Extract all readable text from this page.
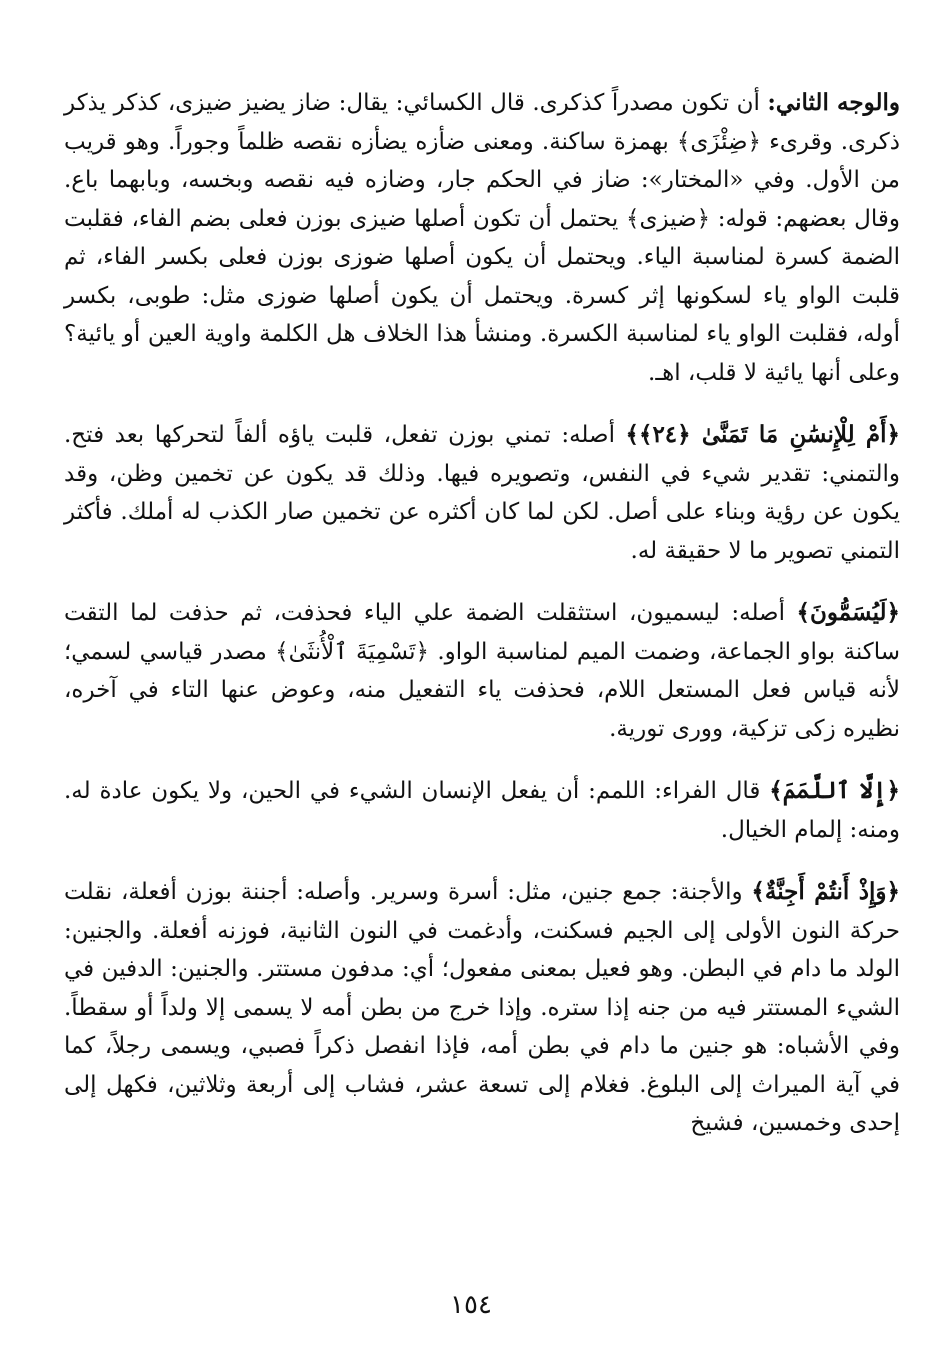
والوجه الثاني: أن تكون مصدراً كذكرى. قال الكسائي: يقال: ضاز يضيز ضيزى، كذكر يذكر ذكرى. وقرىء ﴿ضِئْزَى﴾ بهمزة ساكنة. ومعنى ضأزه يضأزه نقصه ظلماً وجوراً. وهو قريب من الأول. وفي «المختار»: ضاز في الحكم جار، وضازه فيه نقصه وبخسه، وبابهما باع. وقال بعضهم: قوله: ﴿ضيزى﴾ يحتمل أن تكون أصلها ضيزى بوزن فعلى بضم الفاء، فقلبت الضمة كسرة لمناسبة الياء. ويحتمل أن يكون أصلها ضوزى بوزن فعلى بكسر الفاء، ثم قلبت الواو ياء لسكونها إثر كسرة. ويحتمل أن يكون أصلها ضوزى مثل: طوبى، بكسر أوله، فقلبت الواو ياء لمناسبة الكسرة. ومنشأ هذا الخلاف هل الكلمة واوية العين أو يائية؟ وعلى أنها يائية لا قلب، اهـ.

﴿أَمْ لِلْإِنسَٰنِ مَا تَمَنَّىٰ ﴿٢٤﴾﴾ أصله: تمني بوزن تفعل، قلبت ياؤه ألفاً لتحركها بعد فتح. والتمني: تقدير شيء في النفس، وتصويره فيها. وذلك قد يكون عن تخمين وظن، وقد يكون عن رؤية وبناء على أصل. لكن لما كان أكثره عن تخمين صار الكذب له أملك. فأكثر التمني تصوير ما لا حقيقة له.

﴿لَيُسَمُّونَ﴾ أصله: ليسميون، استثقلت الضمة علي الياء فحذفت، ثم حذفت لما التقت ساكنة بواو الجماعة، وضمت الميم لمناسبة الواو. ﴿تَسْمِيَةَ ٱلْأُنثَىٰ﴾ مصدر قياسي لسمي؛ لأنه قياس فعل المستعل اللام، فحذفت ياء التفعيل منه، وعوض عنها التاء في آخره، نظيره زكى تزكية، وورى تورية.

﴿إِلَّا ٱللَّمَمَ﴾ قال الفراء: اللمم: أن يفعل الإنسان الشيء في الحين، ولا يكون عادة له. ومنه: إلمام الخيال.

﴿وَإِذْ أَنتُمْ أَجِنَّةٌ﴾ والأجنة: جمع جنين، مثل: أسرة وسرير. وأصله: أجننة بوزن أفعلة، نقلت حركة النون الأولى إلى الجيم فسكنت، وأدغمت في النون الثانية، فوزنه أفعلة. والجنين: الولد ما دام في البطن. وهو فعيل بمعنى مفعول؛ أي: مدفون مستتر. والجنين: الدفين في الشيء المستتر فيه من جنه إذا ستره. وإذا خرج من بطن أمه لا يسمى إلا ولداً أو سقطاً. وفي الأشباه: هو جنين ما دام في بطن أمه، فإذا انفصل ذكراً فصبي، ويسمى رجلاً، كما في آية الميراث إلى البلوغ. فغلام إلى تسعة عشر، فشاب إلى أربعة وثلاثين، فكهل إلى إحدى وخمسين، فشيخ

١٥٤
